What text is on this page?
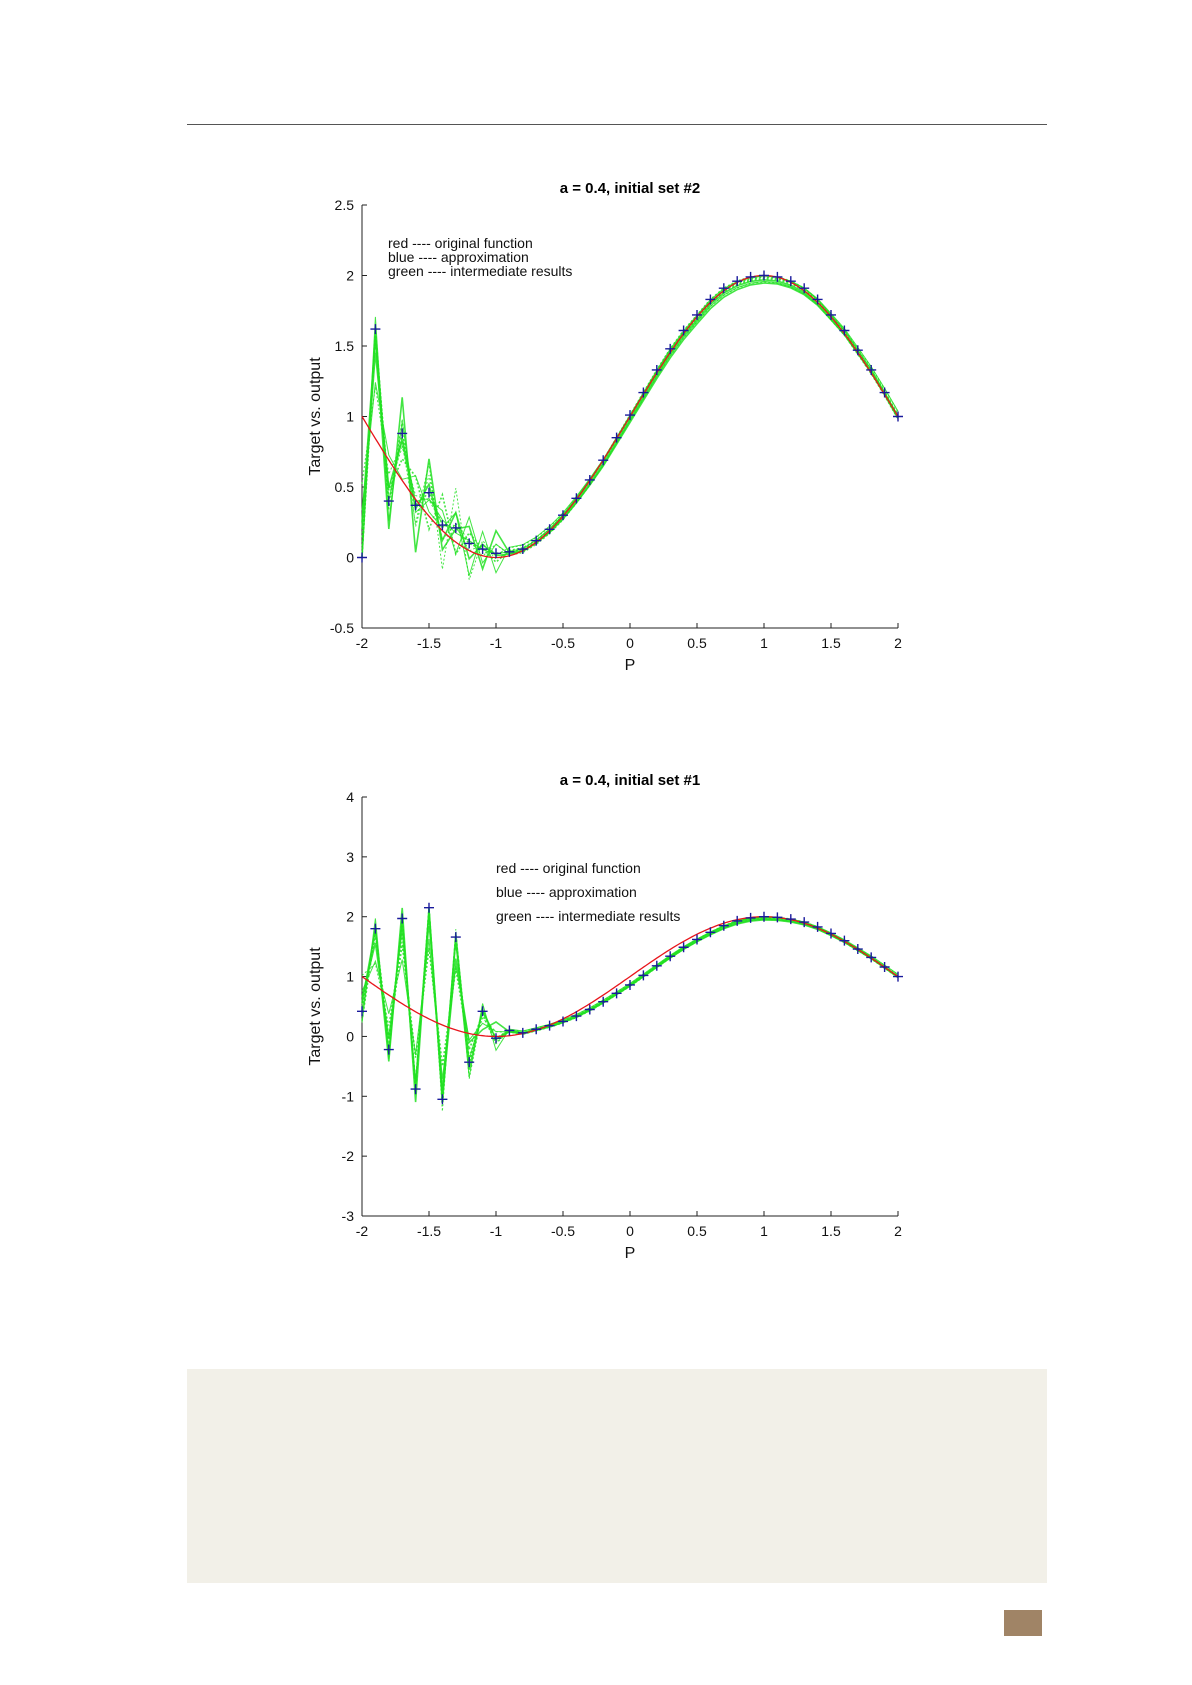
a = 0.4, initial set #2
-2	-1.5	-1	-0.5	0	0.5	1	1.5	2
-0.5
0
0.5
1
1.5
2
2.5
P
Target vs. output
red ---- original function
blue ---- approximation
green ---- intermediate results
a = 0.4, initial set #1
-2	-1.5	-1	-0.5	0	0.5	1	1.5	2
-3
-2
-1
0
1
2
3
4
P
Target vs. output
red ---- original function
blue ---- approximation
green ---- intermediate results
